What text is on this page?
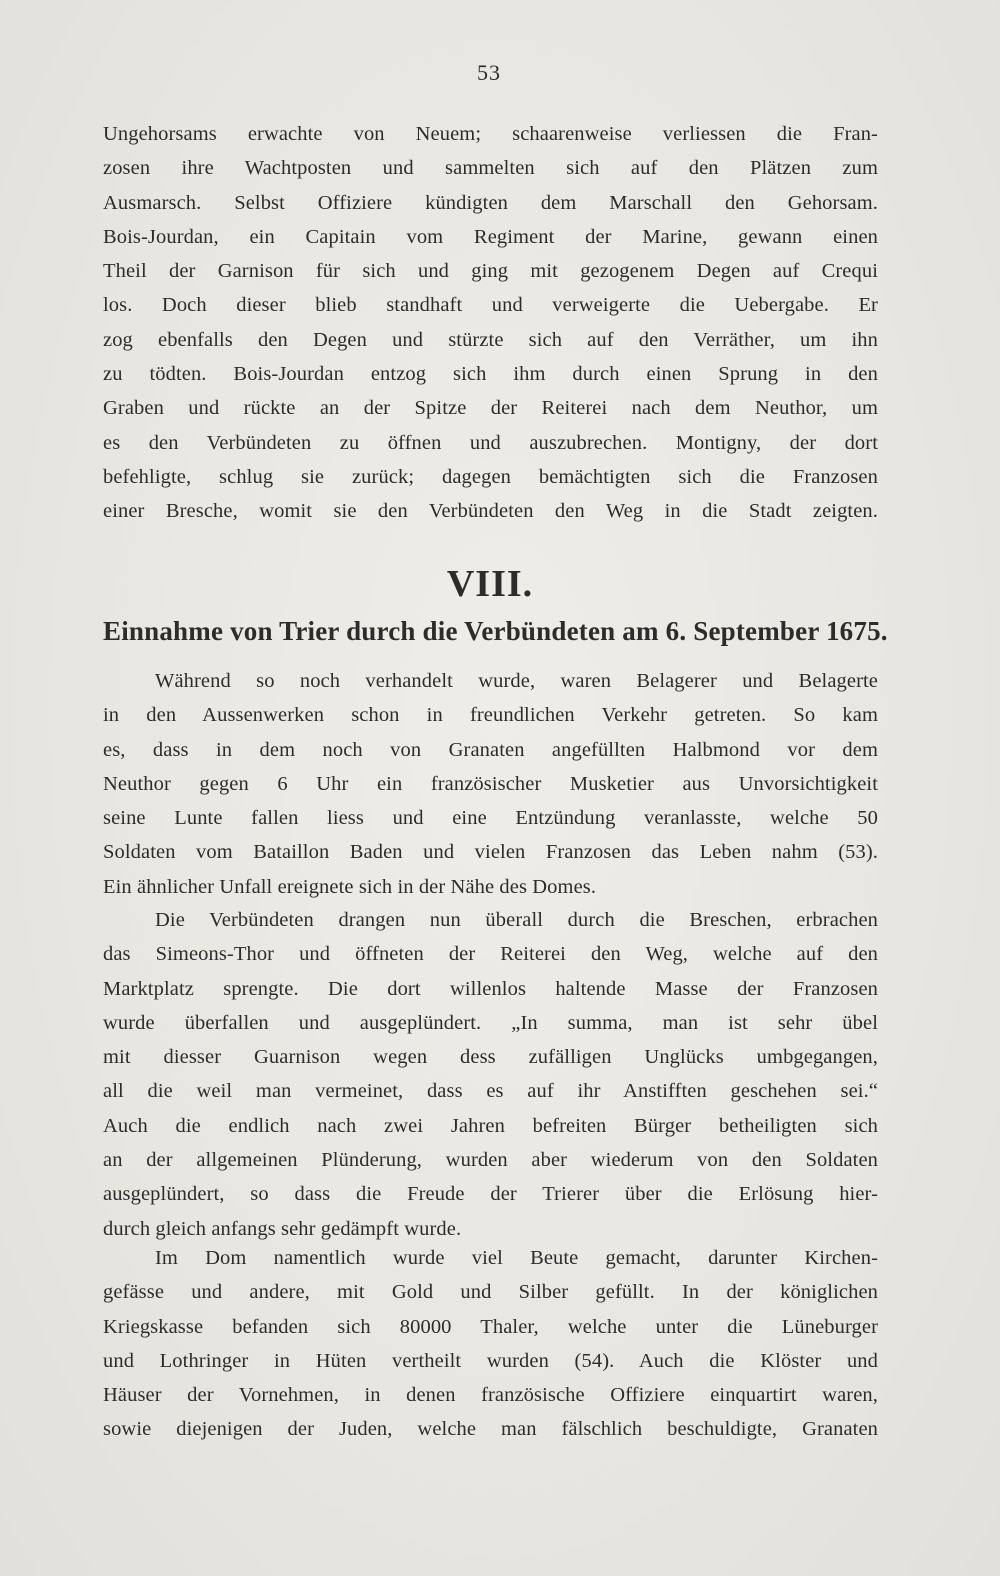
53
Ungehorsams erwachte von Neuem; schaarenweise verliessen die Fran-
zosen ihre Wachtposten und sammelten sich auf den Plätzen zum
Ausmarsch. Selbst Offiziere kündigten dem Marschall den Gehorsam.
Bois-Jourdan, ein Capitain vom Regiment der Marine, gewann einen
Theil der Garnison für sich und ging mit gezogenem Degen auf Crequi
los. Doch dieser blieb standhaft und verweigerte die Uebergabe. Er
zog ebenfalls den Degen und stürzte sich auf den Verräther, um ihn
zu tödten. Bois-Jourdan entzog sich ihm durch einen Sprung in den
Graben und rückte an der Spitze der Reiterei nach dem Neuthor, um
es den Verbündeten zu öffnen und auszubrechen. Montigny, der dort
befehligte, schlug sie zurück; dagegen bemächtigten sich die Franzosen
einer Bresche, womit sie den Verbündeten den Weg in die Stadt zeigten.
VIII.
Einnahme von Trier durch die Verbündeten am 6. September 1675.
Während so noch verhandelt wurde, waren Belagerer und Belagerte
in den Aussenwerken schon in freundlichen Verkehr getreten. So kam
es, dass in dem noch von Granaten angefüllten Halbmond vor dem
Neuthor gegen 6 Uhr ein französischer Musketier aus Unvorsichtigkeit
seine Lunte fallen liess und eine Entzündung veranlasste, welche 50
Soldaten vom Bataillon Baden und vielen Franzosen das Leben nahm (53).
Ein ähnlicher Unfall ereignete sich in der Nähe des Domes.
Die Verbündeten drangen nun überall durch die Breschen, erbrachen
das Simeons-Thor und öffneten der Reiterei den Weg, welche auf den
Marktplatz sprengte. Die dort willenlos haltende Masse der Franzosen
wurde überfallen und ausgeplündert. „In summa, man ist sehr übel
mit diesser Guarnison wegen dess zufälligen Unglücks umbgegangen,
all die weil man vermeinet, dass es auf ihr Anstifften geschehen sei.“
Auch die endlich nach zwei Jahren befreiten Bürger betheiligten sich
an der allgemeinen Plünderung, wurden aber wiederum von den Soldaten
ausgeplündert, so dass die Freude der Trierer über die Erlösung hier-
durch gleich anfangs sehr gedämpft wurde.
Im Dom namentlich wurde viel Beute gemacht, darunter Kirchen-
gefässe und andere, mit Gold und Silber gefüllt. In der königlichen
Kriegskasse befanden sich 80000 Thaler, welche unter die Lüneburger
und Lothringer in Hüten vertheilt wurden (54). Auch die Klöster und
Häuser der Vornehmen, in denen französische Offiziere einquartirt waren,
sowie diejenigen der Juden, welche man fälschlich beschuldigte, Granaten
